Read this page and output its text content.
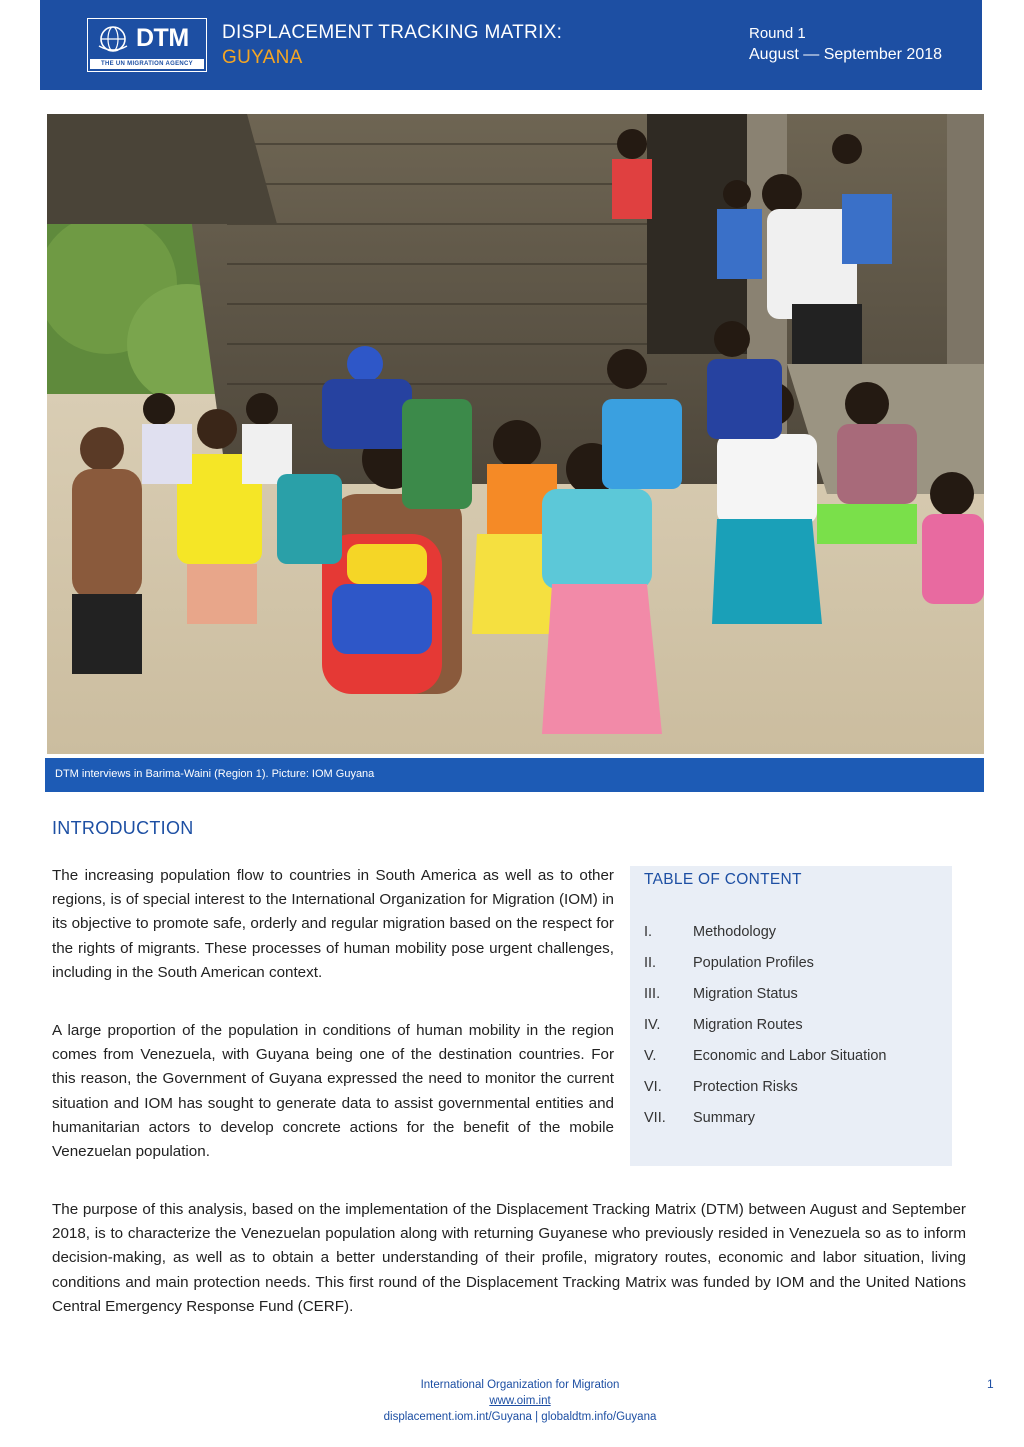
DTM
THE UN MIGRATION AGENCY
DISPLACEMENT TRACKING MATRIX:
GUYANA
Round 1
August — September 2018
DTM interviews in Barima-Waini (Region 1). Picture: IOM Guyana
INTRODUCTION

The increasing population flow to countries in South America as well as to other regions, is of special interest to the International Organization for Migration (IOM) in its objective to promote safe, orderly and regular migration based on the respect for the rights of migrants. These processes of human mobility pose urgent challenges, including in the South American context.

A large proportion of the population in conditions of human mobility in the region comes from Venezuela, with Guyana being one of the destination countries. For this reason, the Government of Guyana expressed the need to monitor the current situation and IOM has sought to generate data to assist governmental entities and humanitarian actors to develop concrete actions for the benefit of the mobile Venezuelan population.

The purpose of this analysis, based on the implementation of the Displacement Tracking Matrix (DTM) between August and September 2018, is to characterize the Venezuelan population along with returning Guyanese who previously resided in Venezuela so as to inform decision-making, as well as to obtain a better understanding of their profile, migratory routes, economic and labor situation, living conditions and main protection needs. This first round of the Displacement Tracking Matrix was funded by IOM and the United Nations Central Emergency Response Fund (CERF).

TABLE OF CONTENT
I.	Methodology
II.	Population Profiles
III. Migration Status
IV. Migration Routes
V.	Economic and Labor Situation
VI. Protection Risks
VII. Summary
International Organization for Migration
www.oim.int
displacement.iom.int/Guyana | globaldtm.info/Guyana
1
